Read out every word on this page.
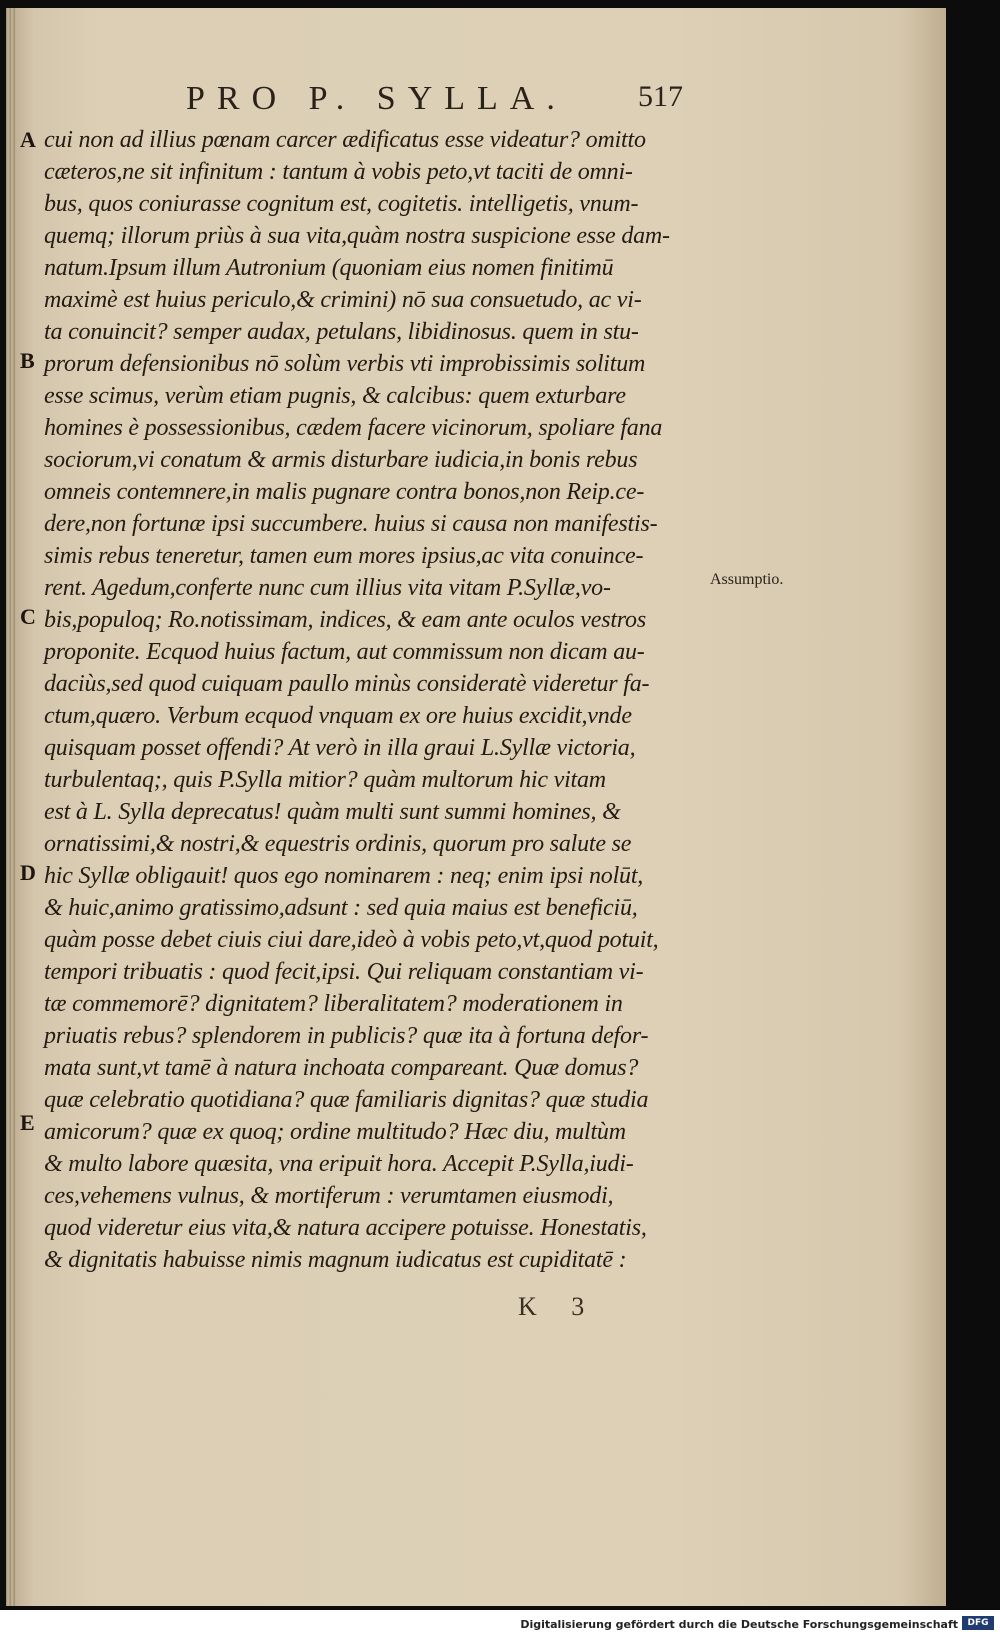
PRO P. SYLLA. 517
A
B
C
D
E
cui non ad illius pœnam carcer ædificatus esse videatur? omitto
cæteros,ne sit infinitum : tantum à vobis peto,vt taciti de omni-
bus, quos coniurasse cognitum est, cogitetis. intelligetis, vnum-
quemq; illorum priùs à sua vita,quàm nostra suspicione esse dam-
natum.Ipsum illum Autronium (quoniam eius nomen finitimū
maximè est huius periculo,& crimini) nō sua consuetudo, ac vi-
ta conuincit? semper audax, petulans, libidinosus. quem in stu-
prorum defensionibus nō solùm verbis vti improbissimis solitum
esse scimus, verùm etiam pugnis, & calcibus: quem exturbare
homines è possessionibus, cædem facere vicinorum, spoliare fana
sociorum,vi conatum & armis disturbare iudicia,in bonis rebus
omneis contemnere,in malis pugnare contra bonos,non Reip.ce-
dere,non fortunæ ipsi succumbere. huius si causa non manifestis-
simis rebus teneretur, tamen eum mores ipsius,ac vita conuince-
rent. Agedum,conferte nunc cum illius vita vitam P.Syllæ,vo-
bis,populoq; Ro.notissimam, indices, & eam ante oculos vestros
proponite. Ecquod huius factum, aut commissum non dicam au-
daciùs,sed quod cuiquam paullo minùs consideratè videretur fa-
ctum,quæro. Verbum ecquod vnquam ex ore huius excidit,vnde
quisquam posset offendi? At verò in illa graui L.Syllæ victoria,
turbulentaq;, quis P.Sylla mitior? quàm multorum hic vitam
est à L. Sylla deprecatus! quàm multi sunt summi homines, &
ornatissimi,& nostri,& equestris ordinis, quorum pro salute se
hic Syllæ obligauit! quos ego nominarem : neq; enim ipsi nolūt,
& huic,animo gratissimo,adsunt : sed quia maius est beneficiū,
quàm posse debet ciuis ciui dare,ideò à vobis peto,vt,quod potuit,
tempori tribuatis : quod fecit,ipsi. Qui reliquam constantiam vi-
tæ commemorē? dignitatem? liberalitatem? moderationem in
priuatis rebus? splendorem in publicis? quæ ita à fortuna defor-
mata sunt,vt tamē à natura inchoata compareant. Quæ domus?
quæ celebratio quotidiana? quæ familiaris dignitas? quæ studia
amicorum? quæ ex quoq; ordine multitudo? Hæc diu, multùm
& multo labore quæsita, vna eripuit hora. Accepit P.Sylla,iudi-
ces,vehemens vulnus, & mortiferum : verumtamen eiusmodi,
quod videretur eius vita,& natura accipere potuisse. Honestatis,
& dignitatis habuisse nimis magnum iudicatus est cupiditatē :
Assumptio.
K 3
Digitalisierung gefördert durch die Deutsche Forschungsgemeinschaft	DFG
